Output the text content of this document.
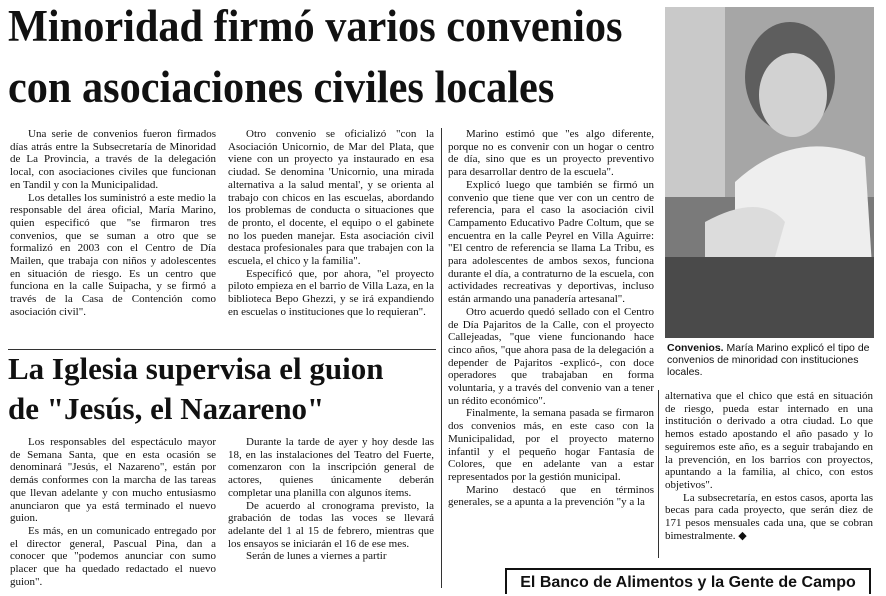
Minoridad firmó varios convenios
con asociaciones civiles locales

Una serie de convenios fueron firmados días atrás entre la Subsecretaría de Minoridad de La Provincia, a través de la delegación local, con asociaciones civiles que funcionan en Tandil y con la Municipalidad.

Los detalles los suministró a este medio la responsable del área oficial, María Marino, quien especificó que "se firmaron tres convenios, que se suman a otro que se formalizó en 2003 con el Centro de Día Mailen, que trabaja con niños y adolescentes en situación de riesgo. Es un centro que funciona en la calle Suipacha, y se firmó a través de la Casa de Contención como asociación civil".

Otro convenio se oficializó "con la Asociación Unicornio, de Mar del Plata, que viene con un proyecto ya instaurado en esa ciudad. Se denomina 'Unicornio, una mirada alternativa a la salud mental', y se orienta al trabajo con chicos en las escuelas, abordando los problemas de conducta o situaciones que de pronto, el docente, el equipo o el gabinete no los pueden manejar. Esta asociación civil destaca profesionales para que trabajen con la escuela, el chico y la familia".

Específicó que, por ahora, "el proyecto piloto empieza en el barrio de Villa Laza, en la biblioteca Bepo Ghezzi, y se irá expandiendo en escuelas o instituciones que lo requieran".

Marino estimó que "es algo diferente, porque no es convenir con un hogar o centro de día, sino que es un proyecto preventivo para desarrollar dentro de la escuela".

Explicó luego que también se firmó un convenio que tiene que ver con un centro de referencia, para el caso la asociación civil Campamento Educativo Padre Coltum, que se encuentra en la calle Peyrel en Villa Aguirre: "El centro de referencia se llama La Tribu, es para adolescentes de ambos sexos, funciona durante el día, a contraturno de la escuela, con actividades recreativas y deportivas, incluso están armando una panadería artesanal".

Otro acuerdo quedó sellado con el Centro de Día Pajaritos de la Calle, con el proyecto Callejeadas, "que viene funcionando hace cinco años, "que ahora pasa de la delegación a depender de Pajaritos -explicó-, con doce operadores que trabajaban en forma voluntaria, y a través del convenio van a tener un rédito económico".

Finalmente, la semana pasada se firmaron dos convenios más, en este caso con la Municipalidad, por el proyecto materno infantil y el pequeño hogar Fantasía de Colores, que en adelante van a estar representados por la gestión municipal.

Marino destacó que en términos generales, se a apunta a la prevención "y a la

Convenios. María Marino explicó el tipo de convenios de minoridad con instituciones locales.

alternativa que el chico que está en situación de riesgo, pueda estar internado en una institución o derivado a otra ciudad. Lo que hemos estado apostando el año pasado y lo seguiremos este año, es a seguir trabajando en la prevención, en los barrios con proyectos, apuntando a la familia, al chico, con estos objetivos".

La subsecretaría, en estos casos, aporta las becas para cada proyecto, que serán diez de 171 pesos mensuales cada una, que se cobran bimestralmente. ◆

La Iglesia supervisa el guion
de "Jesús, el Nazareno"

Los responsables del espectáculo mayor de Semana Santa, que en esta ocasión se denominará "Jesús, el Nazareno", están por demás conformes con la marcha de las tareas que llevan adelante y con mucho entusiasmo anunciaron que ya está terminado el nuevo guion.

Es más, en un comunicado entregado por el director general, Pascual Pina, dan a conocer que "podemos anunciar con sumo placer que ha quedado redactado el nuevo guion".

Durante la tarde de ayer y hoy desde las 18, en las instalaciones del Teatro del Fuerte, comenzaron con la inscripción general de actores, quienes únicamente deberán completar una planilla con algunos ítems.

De acuerdo al cronograma previsto, la grabación de todas las voces se llevará adelante del 1 al 15 de febrero, mientras que los ensayos se iniciarán el 16 de ese mes.

Serán de lunes a viernes a partir

El Banco de Alimentos y la Gente de Campo
